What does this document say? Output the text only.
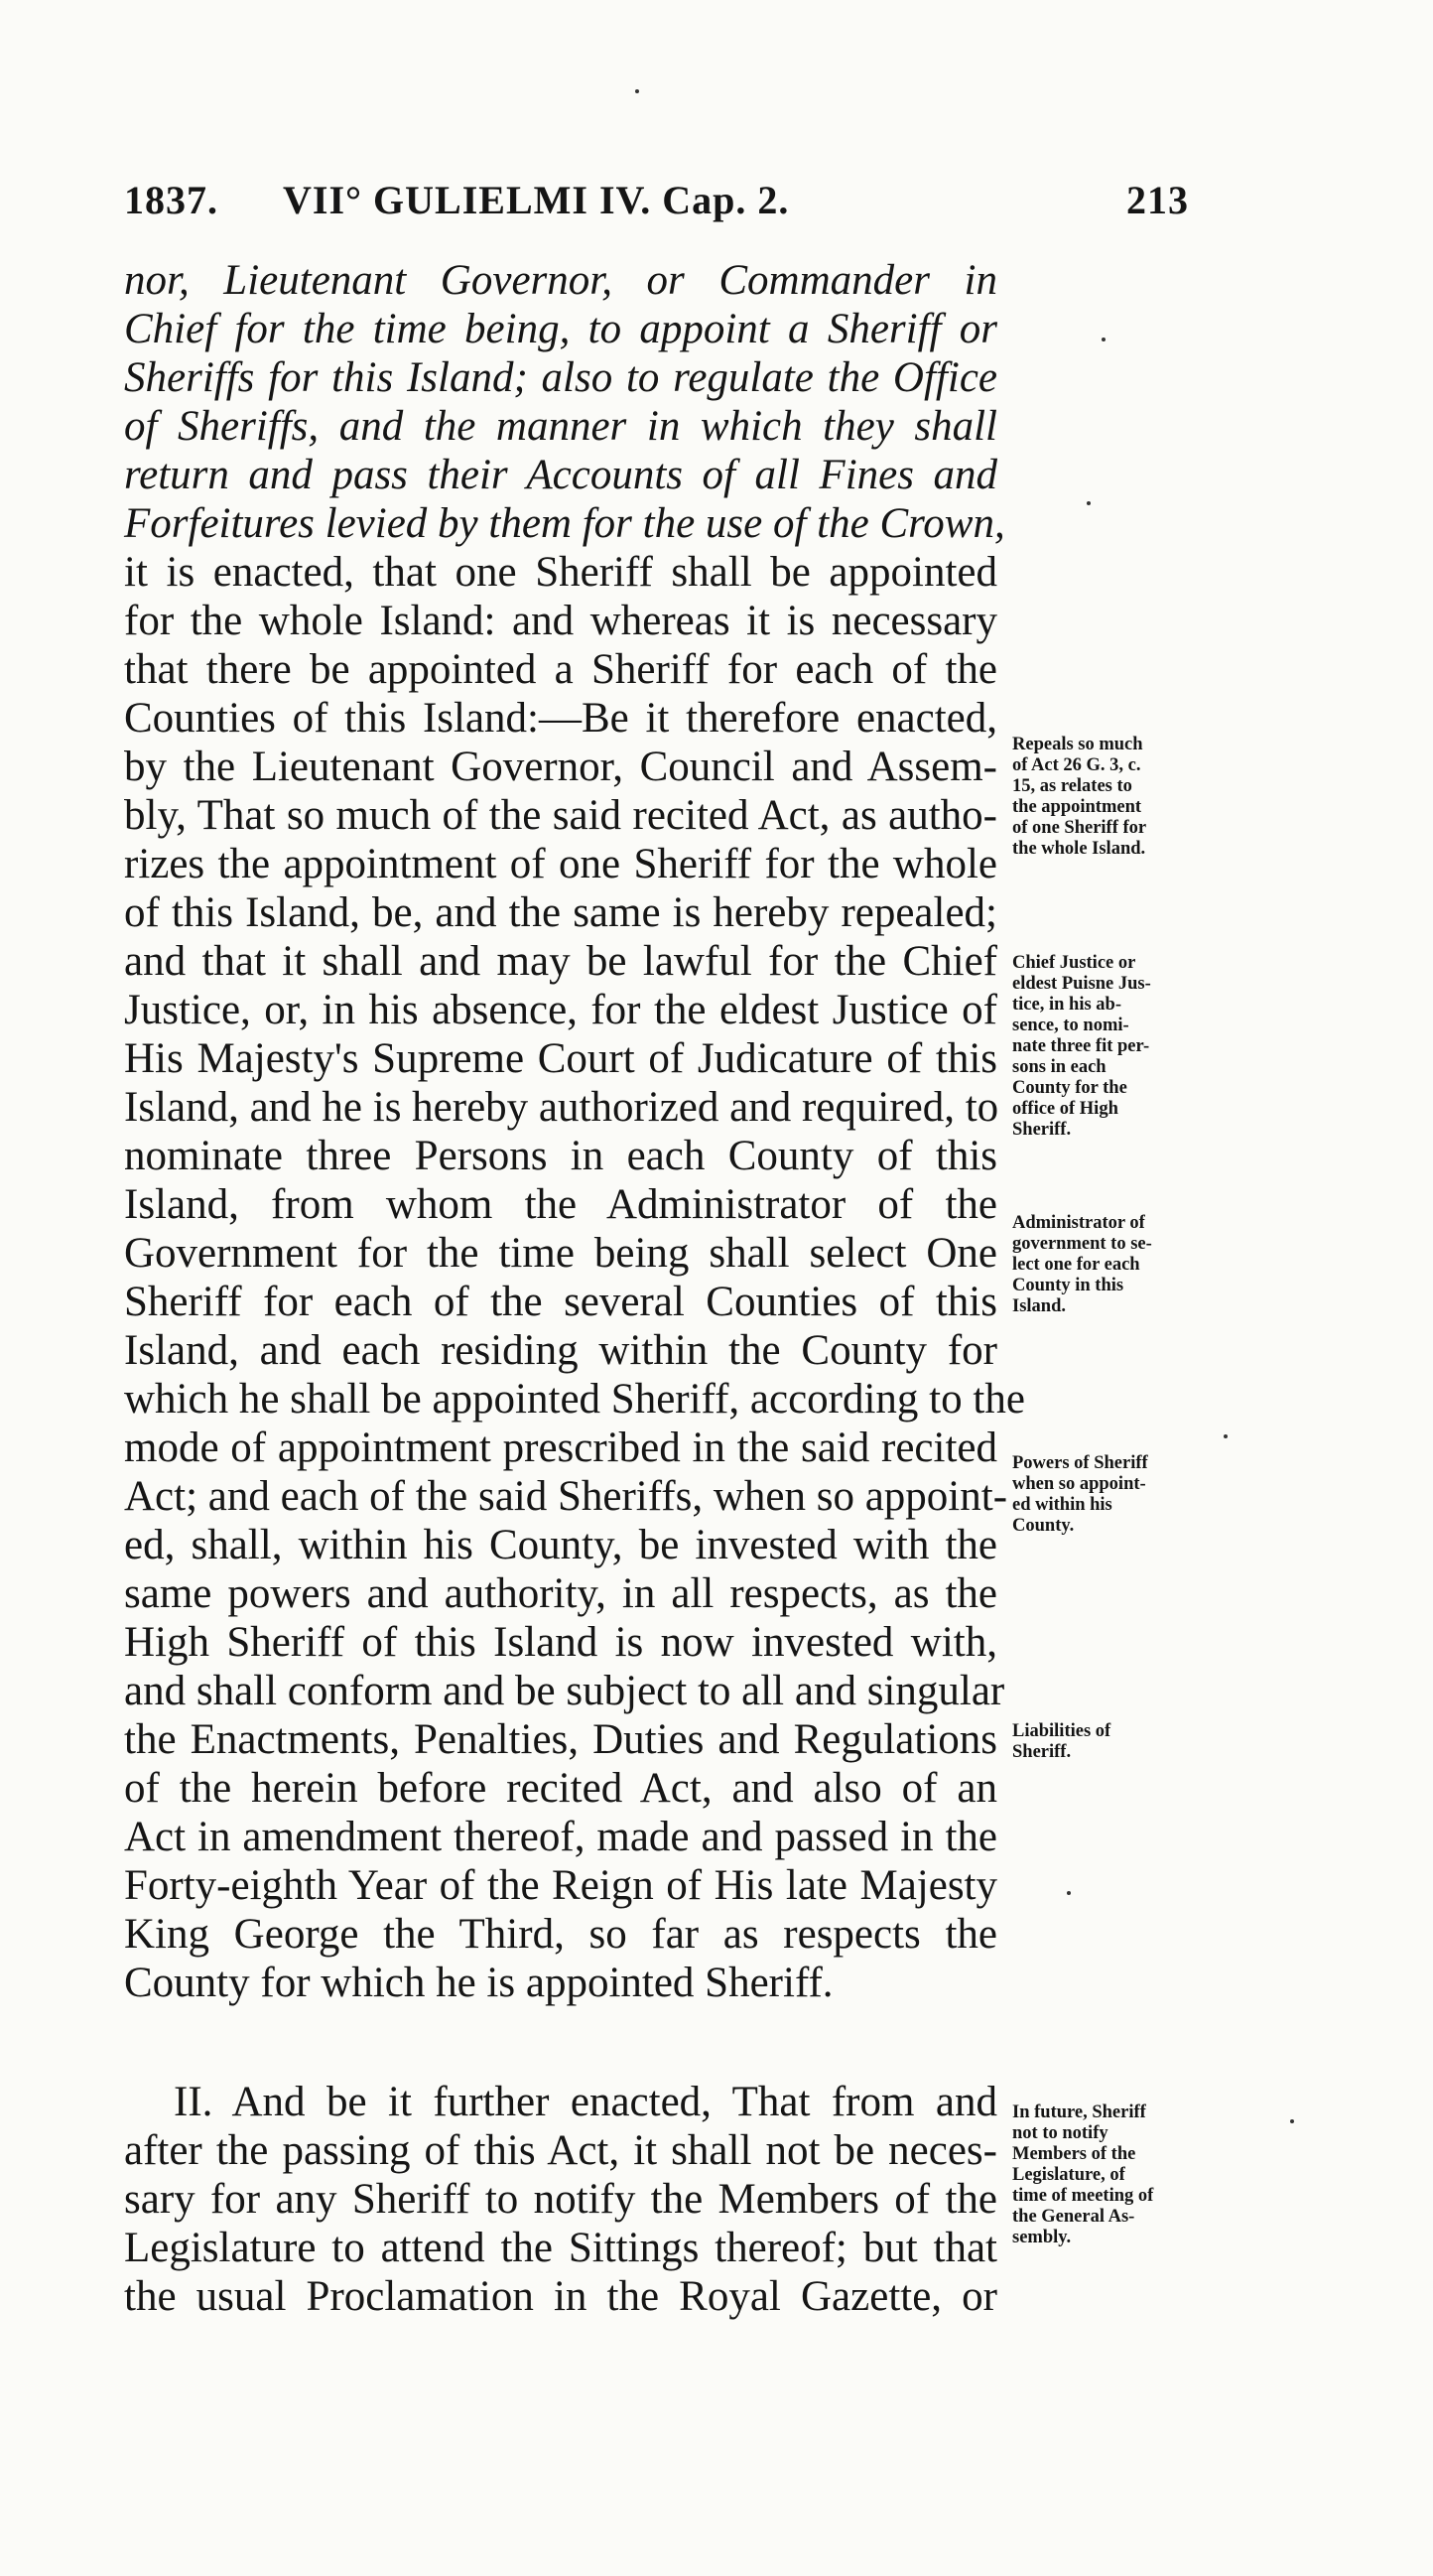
1837. VII° GULIELMI IV. Cap. 2.	213
nor, Lieutenant Governor, or Commander in
Chief for the time being, to appoint a Sheriff or
Sheriffs for this Island; also to regulate the Office
of Sheriffs, and the manner in which they shall
return and pass their Accounts of all Fines and
Forfeitures levied by them for the use of the Crown,
it is enacted, that one Sheriff shall be appointed
for the whole Island: and whereas it is necessary
that there be appointed a Sheriff for each of the
Counties of this Island:—Be it therefore enacted,
by the Lieutenant Governor, Council and Assem-
bly, That so much of the said recited Act, as autho-
rizes the appointment of one Sheriff for the whole
of this Island, be, and the same is hereby repealed;
and that it shall and may be lawful for the Chief
Justice, or, in his absence, for the eldest Justice of
His Majesty's Supreme Court of Judicature of this
Island, and he is hereby authorized and required, to
nominate three Persons in each County of this
Island, from whom the Administrator of the
Government for the time being shall select One
Sheriff for each of the several Counties of this
Island, and each residing within the County for
which he shall be appointed Sheriff, according to the
mode of appointment prescribed in the said recited
Act; and each of the said Sheriffs, when so appoint-
ed, shall, within his County, be invested with the
same powers and authority, in all respects, as the
High Sheriff of this Island is now invested with,
and shall conform and be subject to all and singular
the Enactments, Penalties, Duties and Regulations
of the herein before recited Act, and also of an
Act in amendment thereof, made and passed in the
Forty-eighth Year of the Reign of His late Majesty
King George the Third, so far as respects the
County for which he is appointed Sheriff.
II. And be it further enacted, That from and
after the passing of this Act, it shall not be neces-
sary for any Sheriff to notify the Members of the
Legislature to attend the Sittings thereof; but that
the usual Proclamation in the Royal Gazette, or
Repeals so much
of Act 26 G. 3, c.
15, as relates to
the appointment
of one Sheriff for
the whole Island.
Chief Justice or
eldest Puisne Jus-
tice, in his ab-
sence, to nomi-
nate three fit per-
sons in each
County for the
office of High
Sheriff.
Administrator of
government to se-
lect one for each
County in this
Island.
Powers of Sheriff
when so appoint-
ed within his
County.
Liabilities of
Sheriff.
In future, Sheriff
not to notify
Members of the
Legislature, of
time of meeting of
the General As-
sembly.
